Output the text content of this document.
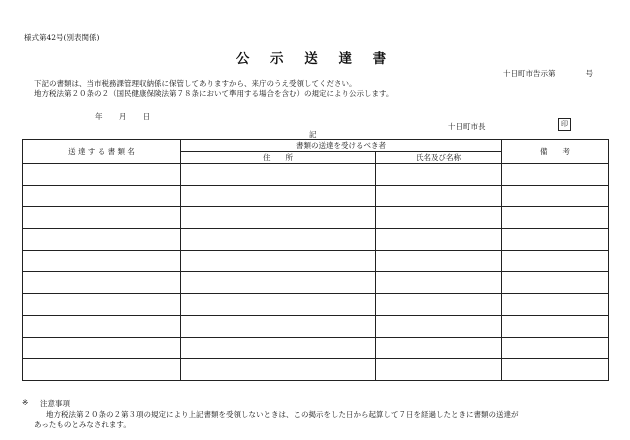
様式第42号(別表関係)
公 示 送 達 書
十日町市告示第	号
下記の書類は、当市税務課管理収納係に保管してありますから、来庁のうえ受領してください。
地方税法第２０条の２（国民健康保険法第７８条において準用する場合を含む）の規定により公示します。
年 月 日
十日町市長	印
記
送 達 す る 書 類 名	書類の送達を受けるべき者		備　　考
	住　　所	氏名及び名称	

※ 注意事項
地方税法第２０条の２第３項の規定により上記書類を受領しないときは、この掲示をした日から起算して７日を経過したときに書類の送達が
あったものとみなされます。
